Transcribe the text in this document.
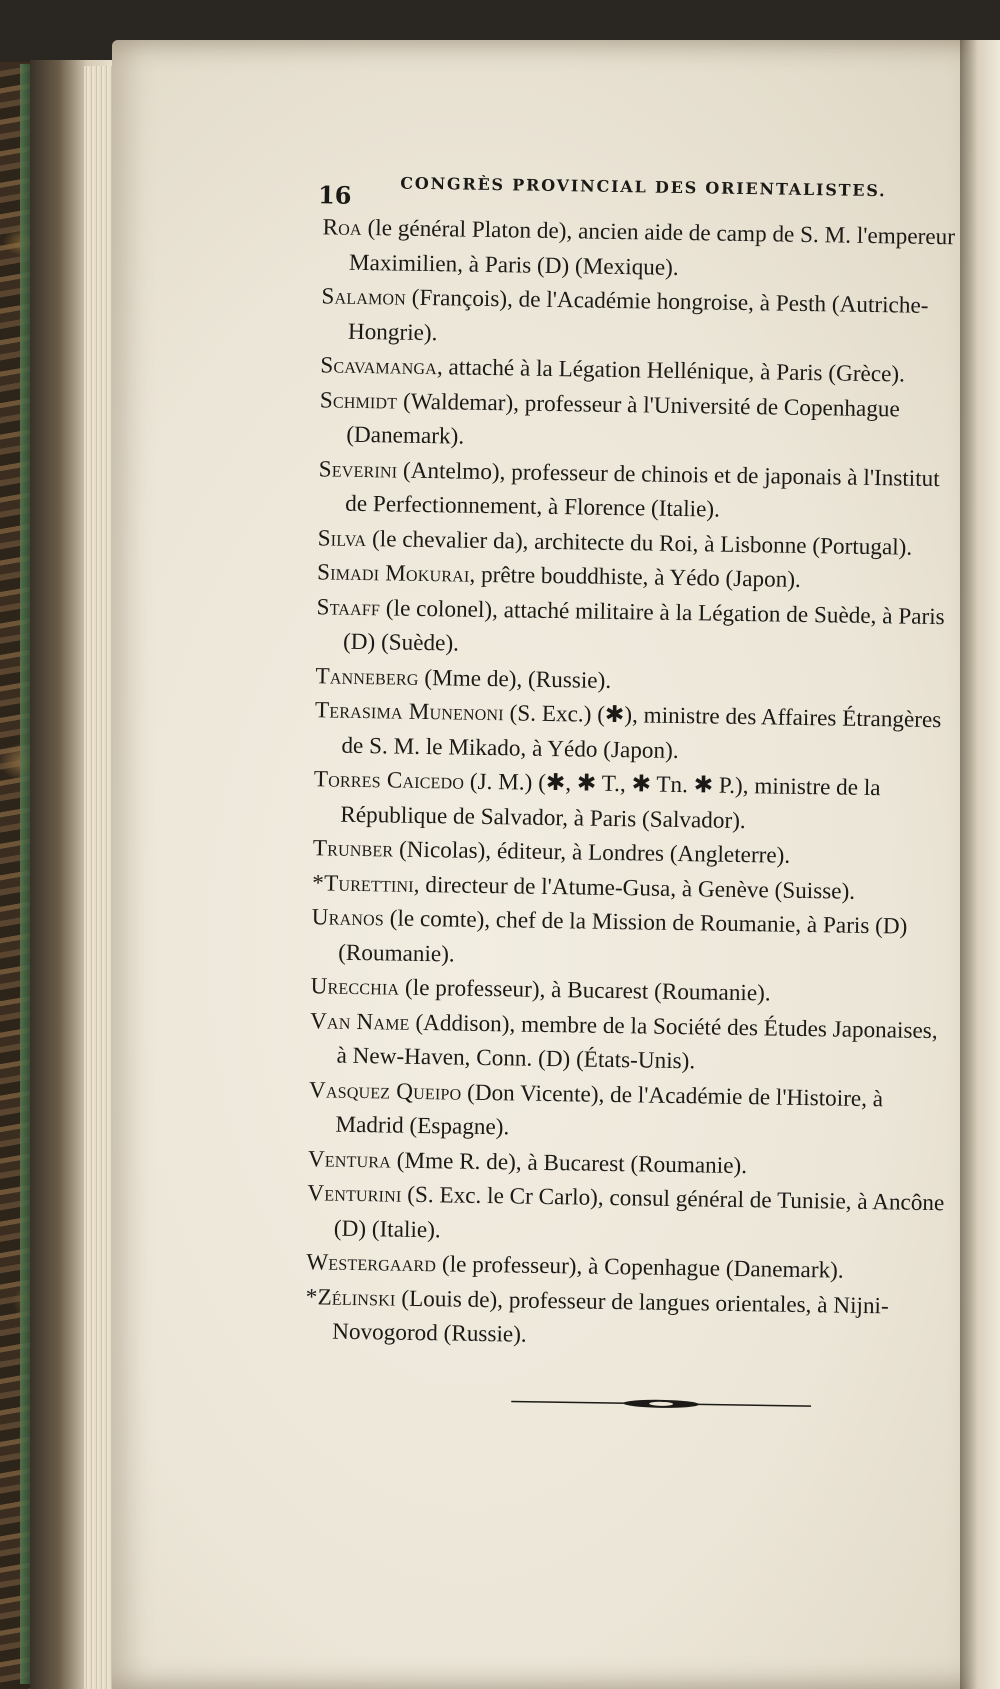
16	CONGRÈS PROVINCIAL DES ORIENTALISTES.
Roa (le général Platon de), ancien aide de camp de S. M. l'empereur Maximilien, à Paris (D) (Mexique).
Salamon (François), de l'Académie hongroise, à Pesth (Autriche-Hongrie).
Scavamanga, attaché à la Légation Hellénique, à Paris (Grèce).
Schmidt (Waldemar), professeur à l'Université de Copenhague (Danemark).
Severini (Antelmo), professeur de chinois et de japonais à l'Institut de Perfectionnement, à Florence (Italie).
Silva (le chevalier da), architecte du Roi, à Lisbonne (Portugal).
Simadi Mokurai, prêtre bouddhiste, à Yédo (Japon).
Staaff (le colonel), attaché militaire à la Légation de Suède, à Paris (D) (Suède).
Tanneberg (Mme de), (Russie).
Terasima Munenoni (S. Exc.) (✱), ministre des Affaires Étrangères de S. M. le Mikado, à Yédo (Japon).
Torres Caicedo (J. M.) (✱, ✱ T., ✱ Tn. ✱ P.), ministre de la République de Salvador, à Paris (Salvador).
Trunber (Nicolas), éditeur, à Londres (Angleterre).
*Turettini, directeur de l'Atume-Gusa, à Genève (Suisse).
Uranos (le comte), chef de la Mission de Roumanie, à Paris (D) (Roumanie).
Urecchia (le professeur), à Bucarest (Roumanie).
Van Name (Addison), membre de la Société des Études Japonaises, à New-Haven, Conn. (D) (États-Unis).
Vasquez Queipo (Don Vicente), de l'Académie de l'Histoire, à Madrid (Espagne).
Ventura (Mme R. de), à Bucarest (Roumanie).
Venturini (S. Exc. le Cr Carlo), consul général de Tunisie, à Ancône (D) (Italie).
Westergaard (le professeur), à Copenhague (Danemark).
*Zélinski (Louis de), professeur de langues orientales, à Nijni-Novogorod (Russie).
